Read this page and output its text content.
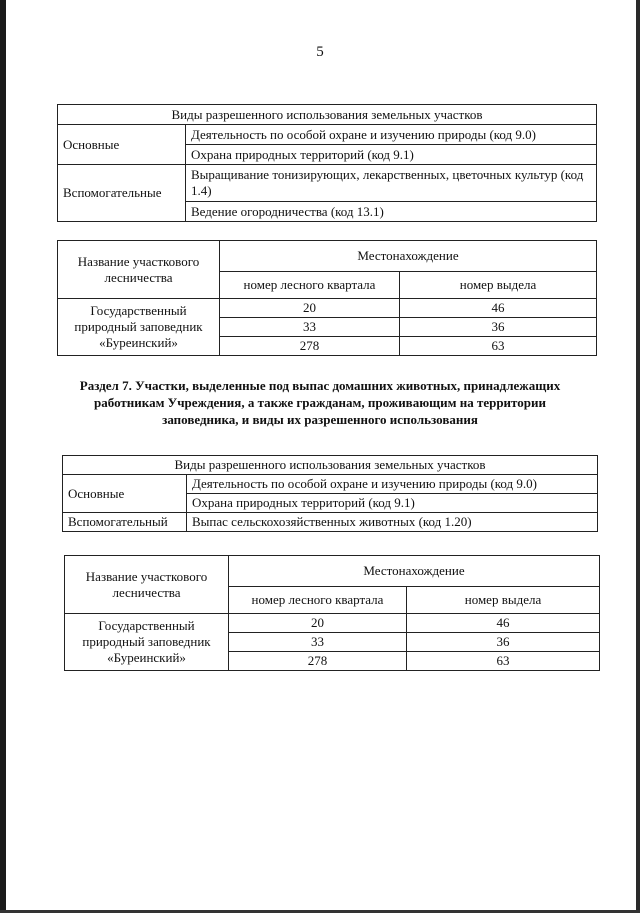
5
Виды разрешенного использования земельных участков	
Основные	Деятельность по особой охране и изучению природы (код 9.0)
	Охрана природных территорий (код 9.1)
Вспомогательные	Выращивание тонизирующих, лекарственных, цветочных культур (код 1.4)
	Ведение огородничества (код 13.1)
Название участкового лесничества	Местонахождение	
	номер лесного квартала	номер выдела
Государственный природный заповедник «Буреинский»	20	46
	33	36
	278	63
Раздел 7. Участки, выделенные под выпас домашних животных, принадлежащих работникам Учреждения, а также гражданам, проживающим на территории заповедника, и виды их разрешенного использования
Виды разрешенного использования земельных участков	
Основные	Деятельность по особой охране и изучению природы (код 9.0)
	Охрана природных территорий (код 9.1)
Вспомогательный	Выпас сельскохозяйственных животных (код 1.20)
Название участкового лесничества	Местонахождение	
	номер лесного квартала	номер выдела
Государственный природный заповедник «Буреинский»	20	46
	33	36
	278	63
